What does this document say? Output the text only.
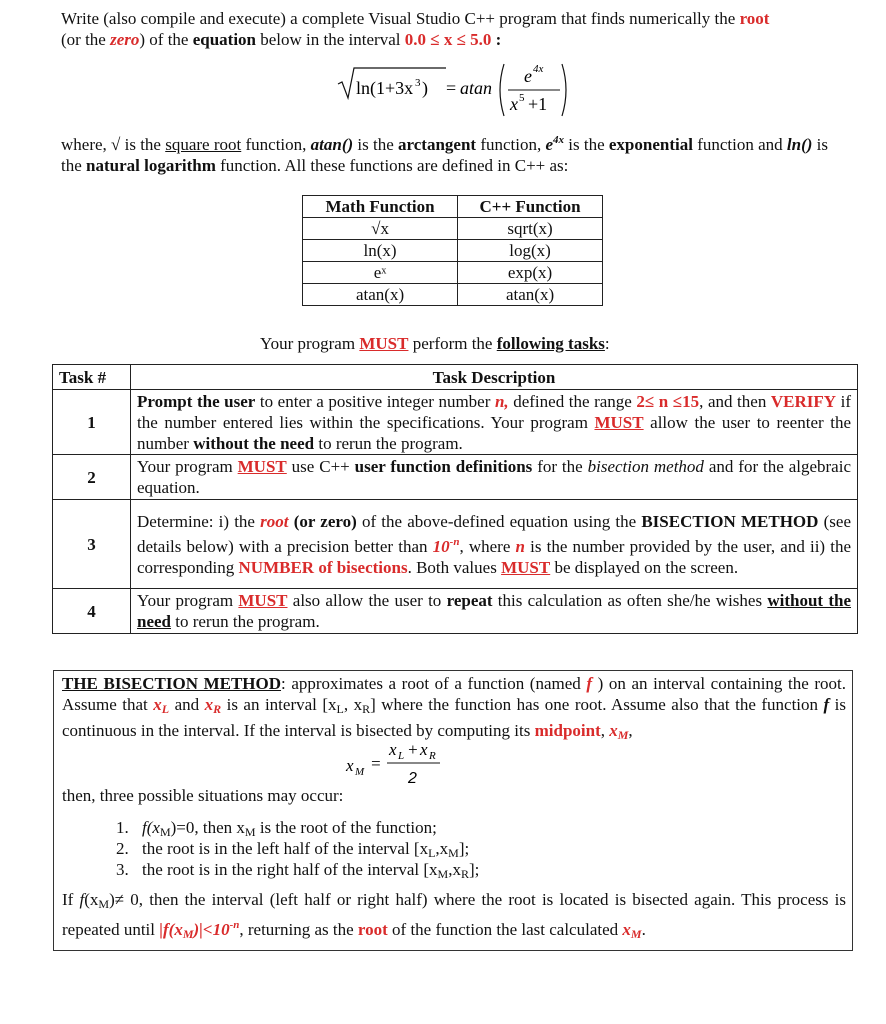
Write (also compile and execute) a complete Visual Studio C++ program that finds numerically the root
(or the zero) of the equation below in the interval 0.0 ≤ x ≤ 5.0 :
ln(1+3x 3 ) = atan
e 4x
x 5 +1
where, √ is the square root function, atan() is the arctangent function, $e^{4x}$ is the exponential function and ln() is the natural logarithm function. All these functions are defined in C++ as:
Math Function	C++ Function
√x	sqrt(x)
ln(x)	log(x)
eˣ	exp(x)
atan(x)	atan(x)
Your program MUST perform the following tasks:
Task #	Task Description
1	Prompt the user to enter a positive integer number n, defined the range 2≤ n ≤15, and then VERIFY if the number entered lies within the specifications. Your program MUST allow the user to reenter the number without the need to rerun the program.
2	Your program MUST use C++ user function definitions for the bisection method and for the algebraic equation.
3	Determine: i) the root (or zero) of the above-defined equation using the BISECTION METHOD (see details below) with a precision better than $10^{-n}$, where n is the number provided by the user, and ii) the corresponding NUMBER of bisections. Both values MUST be displayed on the screen.
4	Your program MUST also allow the user to repeat this calculation as often she/he wishes without the need to rerun the program.
THE BISECTION METHOD: approximates a root of a function (named f ) on an interval containing the root. Assume that $x_L$ and $x_R$ is an interval [$x_L$, $x_R$] where the function has one root. Assume also that the function f is continuous in the interval. If the interval is bisected by computing its midpoint, $x_M$,
x M =
x L + x R
2
then, three possible situations may occur:
1. $f(x_M)=0$, then $x_M$ is the root of the function;
2. the root is in the left half of the interval $[x_L,x_M]$;
3. the root is in the right half of the interval $[x_M,x_R]$;
If $f(x_M)\ne 0$, then the interval (left half or right half) where the root is located is bisected again. This process is repeated until $|f(x_M)|<10^{-n}$, returning as the root of the function the last calculated $x_M$.
